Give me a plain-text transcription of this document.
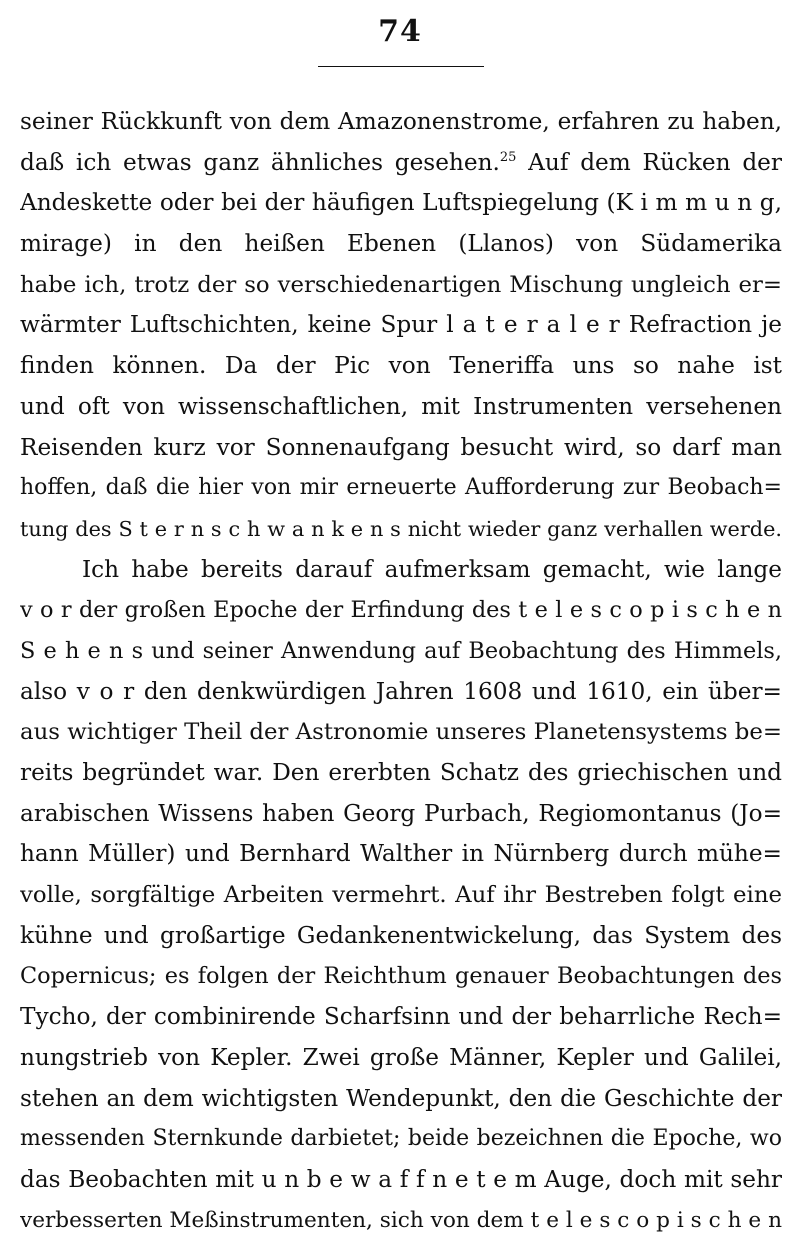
74
seiner Rückkunft von dem Amazonenstrome, erfahren zu haben,
daß ich etwas ganz ähnliches gesehen.$^{25}$ Auf dem Rücken der
Andeskette oder bei der häufigen Luftspiegelung (K i m m u n g,
mirage) in den heißen Ebenen (Llanos) von Südamerika
habe ich, trotz der so verschiedenartigen Mischung ungleich er=
wärmter Luftschichten, keine Spur l a t e r a l e r Refraction je
finden können. Da der Pic von Teneriffa uns so nahe ist
und oft von wissenschaftlichen, mit Instrumenten versehenen
Reisenden kurz vor Sonnenaufgang besucht wird, so darf man
hoffen, daß die hier von mir erneuerte Aufforderung zur Beobach=
tung des S t e r n s c h w a n k e n s nicht wieder ganz verhallen werde.
Ich habe bereits darauf aufmerksam gemacht, wie lange
v o r der großen Epoche der Erfindung des t e l e s c o p i s c h e n
S e h e n s und seiner Anwendung auf Beobachtung des Himmels,
also v o r den denkwürdigen Jahren 1608 und 1610, ein über=
aus wichtiger Theil der Astronomie unseres Planetensystems be=
reits begründet war. Den ererbten Schatz des griechischen und
arabischen Wissens haben Georg Purbach, Regiomontanus (Jo=
hann Müller) und Bernhard Walther in Nürnberg durch mühe=
volle, sorgfältige Arbeiten vermehrt. Auf ihr Bestreben folgt eine
kühne und großartige Gedankenentwickelung, das System des
Copernicus; es folgen der Reichthum genauer Beobachtungen des
Tycho, der combinirende Scharfsinn und der beharrliche Rech=
nungstrieb von Kepler. Zwei große Männer, Kepler und Galilei,
stehen an dem wichtigsten Wendepunkt, den die Geschichte der
messenden Sternkunde darbietet; beide bezeichnen die Epoche, wo
das Beobachten mit u n b e w a f f n e t e m Auge, doch mit sehr
verbesserten Meßinstrumenten, sich von dem t e l e s c o p i s c h e n
